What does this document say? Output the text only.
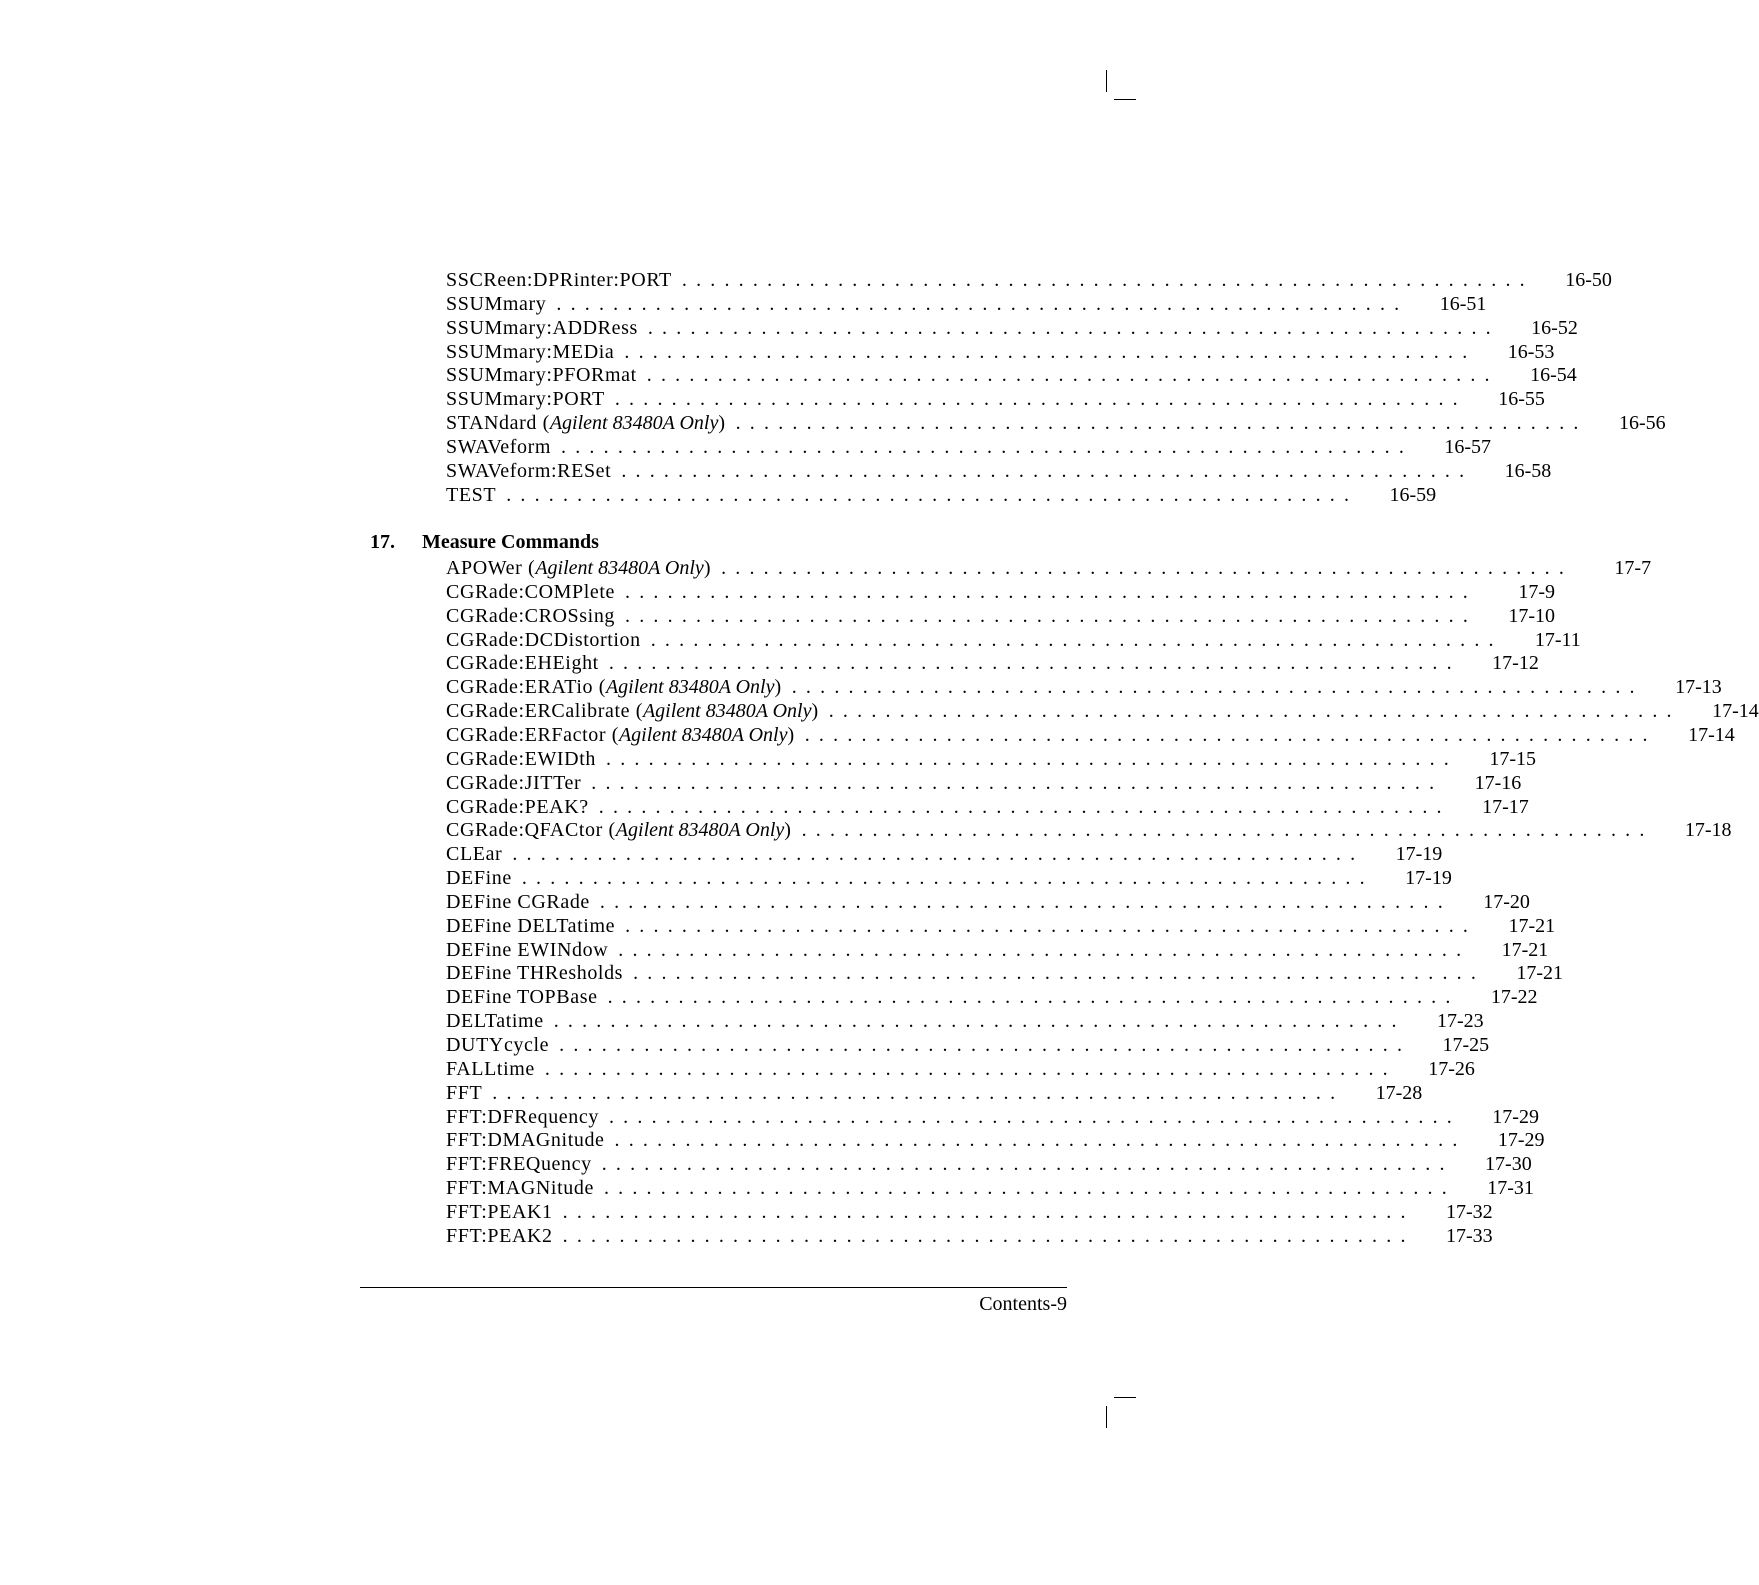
SSCReen:DPRinter:PORT ............................................................	16-50
SSUMmary ............................................................	16-51
SSUMmary:ADDRess ............................................................	16-52
SSUMmary:MEDia ............................................................	16-53
SSUMmary:PFORmat ............................................................	16-54
SSUMmary:PORT ............................................................	16-55
STANdard (Agilent 83480A Only) ............................................................	16-56
SWAVeform ............................................................	16-57
SWAVeform:RESet ............................................................	16-58
TEST ............................................................	16-59
17. Measure Commands
APOWer (Agilent 83480A Only) ............................................................	17-7
CGRade:COMPlete ............................................................	17-9
CGRade:CROSsing ............................................................	17-10
CGRade:DCDistortion ............................................................	17-11
CGRade:EHEight ............................................................	17-12
CGRade:ERATio (Agilent 83480A Only) ............................................................	17-13
CGRade:ERCalibrate (Agilent 83480A Only) ............................................................	17-14
CGRade:ERFactor (Agilent 83480A Only) ............................................................	17-14
CGRade:EWIDth ............................................................	17-15
CGRade:JITTer ............................................................	17-16
CGRade:PEAK? ............................................................	17-17
CGRade:QFACtor (Agilent 83480A Only) ............................................................	17-18
CLEar ............................................................	17-19
DEFine ............................................................	17-19
DEFine CGRade ............................................................	17-20
DEFine DELTatime ............................................................	17-21
DEFine EWINdow ............................................................	17-21
DEFine THResholds ............................................................	17-21
DEFine TOPBase ............................................................	17-22
DELTatime ............................................................	17-23
DUTYcycle ............................................................	17-25
FALLtime ............................................................	17-26
FFT ............................................................	17-28
FFT:DFRequency ............................................................	17-29
FFT:DMAGnitude ............................................................	17-29
FFT:FREQuency ............................................................	17-30
FFT:MAGNitude ............................................................	17-31
FFT:PEAK1 ............................................................	17-32
FFT:PEAK2 ............................................................	17-33
Contents-9
